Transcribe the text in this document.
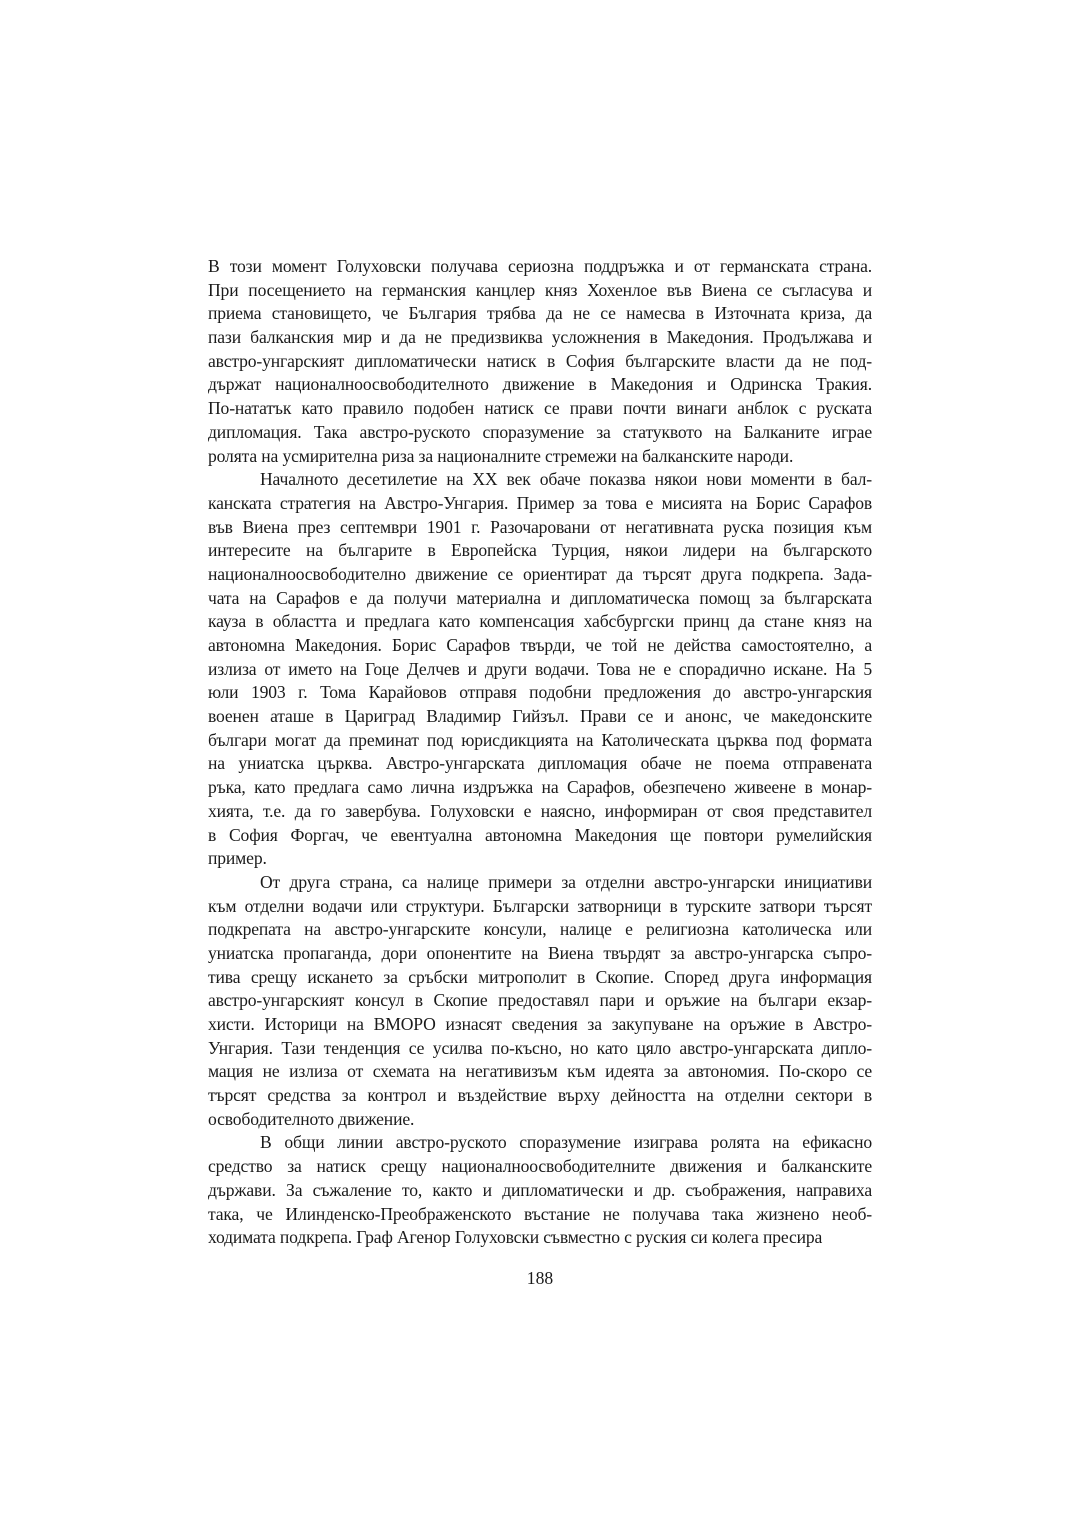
В този момент Голуховски получава сериозна поддръжка и от германската страна.
При посещението на германския канцлер княз Хохенлое във Виена се съгласува и
приема становището, че България трябва да не се намесва в Източната криза, да
пази балканския мир и да не предизвиква усложнения в Македония. Продължава и
австро-унгарският дипломатически натиск в София българските власти да не под-
държат националноосвободителното движение в Македония и Одринска Тракия.
По-нататък като правило подобен натиск се прави почти винаги анблок с руската
дипломация. Така австро-руското споразумение за статуквото на Балканите играе
ролята на усмирителна риза за националните стремежи на балканските народи.
Началното десетилетие на ХХ век обаче показва някои нови моменти в бал-
канската стратегия на Австро-Унгария. Пример за това е мисията на Борис Сарафов
във Виена през септември 1901 г. Разочаровани от негативната руска позиция към
интересите на българите в Европейска Турция, някои лидери на българското
националноосвободително движение се ориентират да търсят друга подкрепа. Зада-
чата на Сарафов е да получи материална и дипломатическа помощ за българската
кауза в областта и предлага като компенсация хабсбургски принц да стане княз на
автономна Македония. Борис Сарафов твърди, че той не действа самостоятелно, а
излиза от името на Гоце Делчев и други водачи. Това не е спорадично искане. На 5
юли 1903 г. Тома Карайовов отправя подобни предложения до австро-унгарския
военен аташе в Цариград Владимир Гийзъл. Прави се и анонс, че македонските
българи могат да преминат под юрисдикцията на Католическата църква под формата
на униатска църква. Австро-унгарската дипломация обаче не поема отправената
ръка, като предлага само лична издръжка на Сарафов, обезпечено живеене в монар-
хията, т.е. да го завербува. Голуховски е наясно, информиран от своя представител
в София Форгач, че евентуална автономна Македония ще повтори румелийския
пример.
От друга страна, са налице примери за отделни австро-унгарски инициативи
към отделни водачи или структури. Български затворници в турските затвори търсят
подкрепата на австро-унгарските консули, налице е религиозна католическа или
униатска пропаганда, дори опонентите на Виена твърдят за австро-унгарска съпро-
тива срещу искането за сръбски митрополит в Скопие. Според друга информация
австро-унгарският консул в Скопие предоставял пари и оръжие на българи екзар-
хисти. Историци на ВМОРО изнасят сведения за закупуване на оръжие в Австро-
Унгария. Тази тенденция се усилва по-късно, но като цяло австро-унгарската дипло-
мация не излиза от схемата на негативизъм към идеята за автономия. По-скоро се
търсят средства за контрол и въздействие върху дейността на отделни сектори в
освободителното движение.
В общи линии австро-руското споразумение изиграва ролята на ефикасно
средство за натиск срещу националноосвободителните движения и балканските
държави. За съжаление то, както и дипломатически и др. съображения, направиха
така, че Илинденско-Преображенското въстание не получава така жизнено необ-
ходимата подкрепа. Граф Агенор Голуховски съвместно с руския си колега пресира
188
